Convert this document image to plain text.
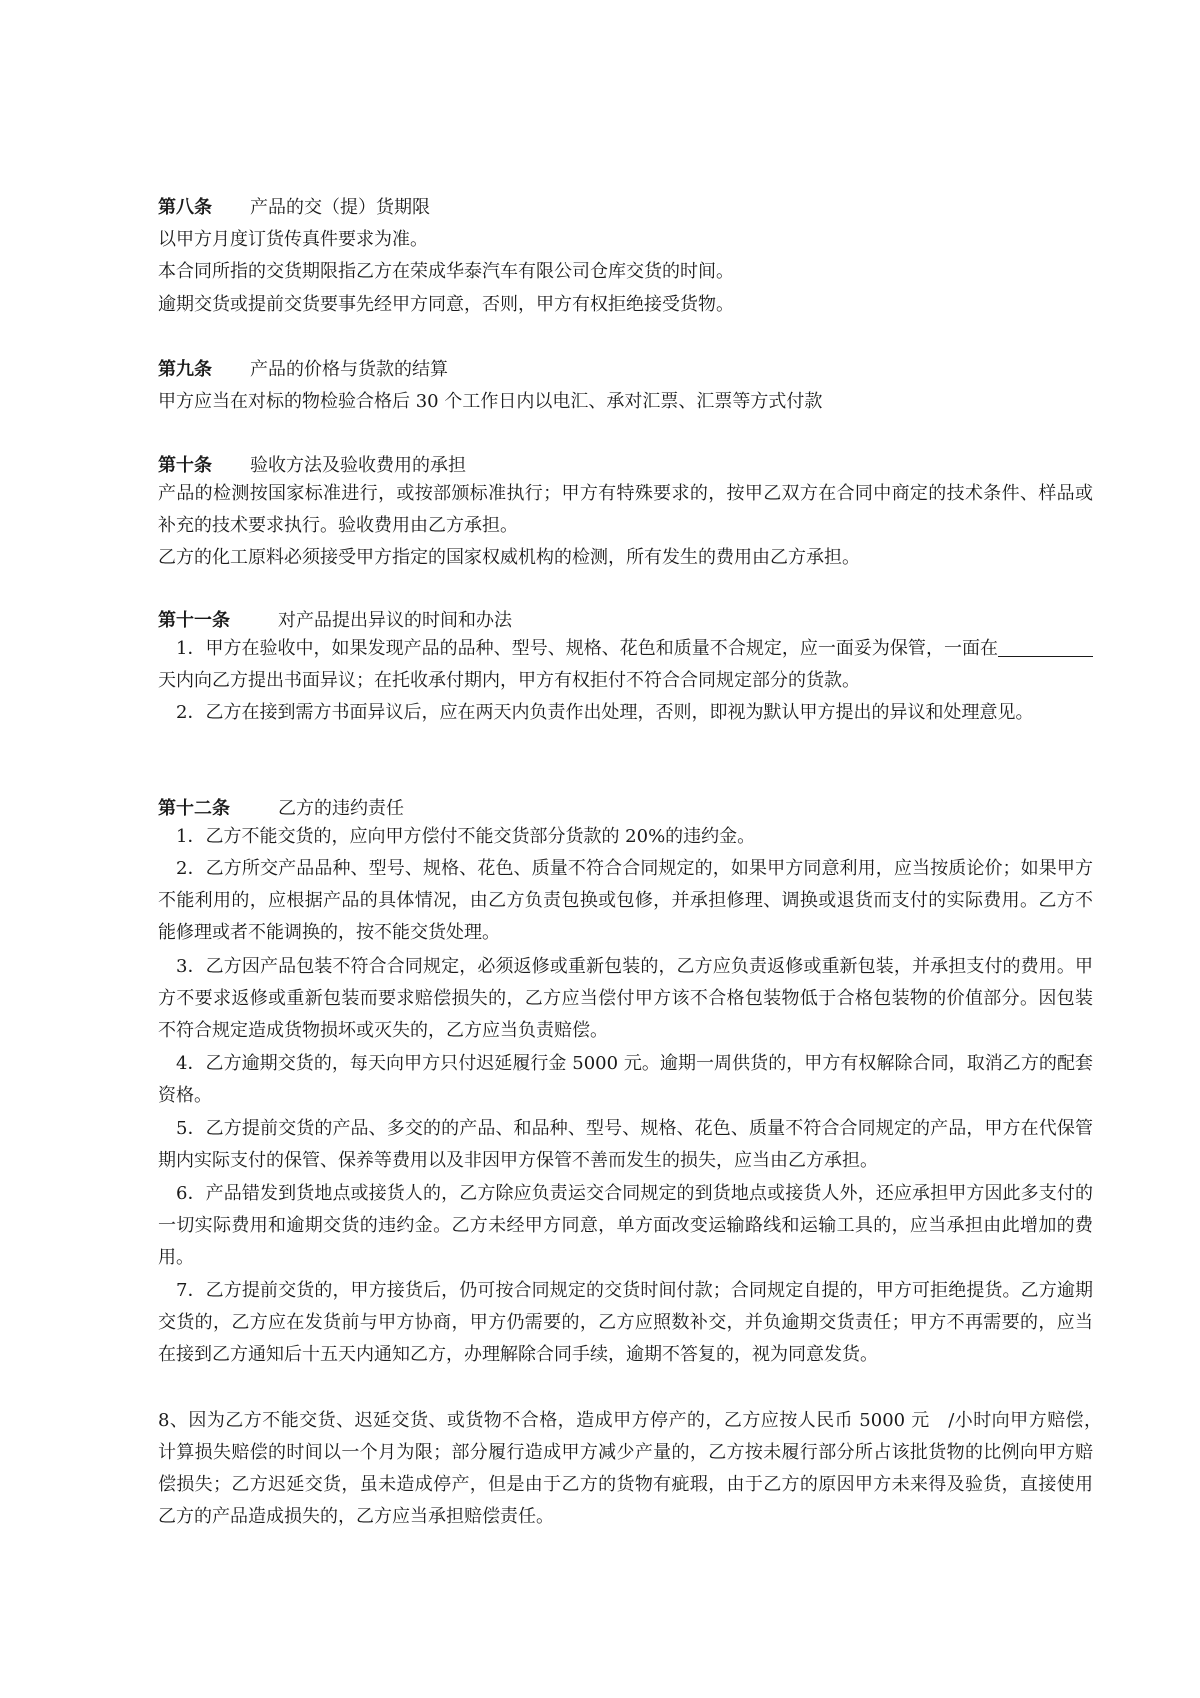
第八条 产品的交（提）货期限
以甲方月度订货传真件要求为准。
本合同所指的交货期限指乙方在荣成华泰汽车有限公司仓库交货的时间。
逾期交货或提前交货要事先经甲方同意，否则，甲方有权拒绝接受货物。
第九条 产品的价格与货款的结算
甲方应当在对标的物检验合格后 30 个工作日内以电汇、承对汇票、汇票等方式付款
第十条 验收方法及验收费用的承担
产品的检测按国家标准进行，或按部颁标准执行；甲方有特殊要求的，按甲乙双方在合同中商定的技术条件、样品或补充的技术要求执行。验收费用由乙方承担。
乙方的化工原料必须接受甲方指定的国家权威机构的检测，所有发生的费用由乙方承担。
第十一条	对产品提出异议的时间和办法
1．甲方在验收中，如果发现产品的品种、型号、规格、花色和质量不合规定，应一面妥为保管，一面在天内向乙方提出书面异议；在托收承付期内，甲方有权拒付不符合合同规定部分的货款。
2．乙方在接到需方书面异议后，应在两天内负责作出处理，否则，即视为默认甲方提出的异议和处理意见。
第十二条	乙方的违约责任
1．乙方不能交货的，应向甲方偿付不能交货部分货款的 20%的违约金。
2．乙方所交产品品种、型号、规格、花色、质量不符合合同规定的，如果甲方同意利用，应当按质论价；如果甲方不能利用的，应根据产品的具体情况，由乙方负责包换或包修，并承担修理、调换或退货而支付的实际费用。乙方不能修理或者不能调换的，按不能交货处理。
3．乙方因产品包装不符合合同规定，必须返修或重新包装的，乙方应负责返修或重新包装，并承担支付的费用。甲方不要求返修或重新包装而要求赔偿损失的，乙方应当偿付甲方该不合格包装物低于合格包装物的价值部分。因包装不符合规定造成货物损坏或灭失的，乙方应当负责赔偿。
4．乙方逾期交货的，每天向甲方只付迟延履行金 5000 元。逾期一周供货的，甲方有权解除合同，取消乙方的配套资格。
5．乙方提前交货的产品、多交的的产品、和品种、型号、规格、花色、质量不符合合同规定的产品，甲方在代保管期内实际支付的保管、保养等费用以及非因甲方保管不善而发生的损失，应当由乙方承担。
6．产品错发到货地点或接货人的，乙方除应负责运交合同规定的到货地点或接货人外，还应承担甲方因此多支付的一切实际费用和逾期交货的违约金。乙方未经甲方同意，单方面改变运输路线和运输工具的，应当承担由此增加的费用。
7．乙方提前交货的，甲方接货后，仍可按合同规定的交货时间付款；合同规定自提的，甲方可拒绝提货。乙方逾期交货的，乙方应在发货前与甲方协商，甲方仍需要的，乙方应照数补交，并负逾期交货责任；甲方不再需要的，应当在接到乙方通知后十五天内通知乙方，办理解除合同手续，逾期不答复的，视为同意发货。
8、因为乙方不能交货、迟延交货、或货物不合格，造成甲方停产的，乙方应按人民币 5000 元　/小时向甲方赔偿，　计算损失赔偿的时间以一个月为限；部分履行造成甲方减少产量的，乙方按未履行部分所占该批货物的比例向甲方赔偿损失；乙方迟延交货，虽未造成停产，但是由于乙方的货物有疵瑕，由于乙方的原因甲方未来得及验货，直接使用乙方的产品造成损失的，乙方应当承担赔偿责任。
